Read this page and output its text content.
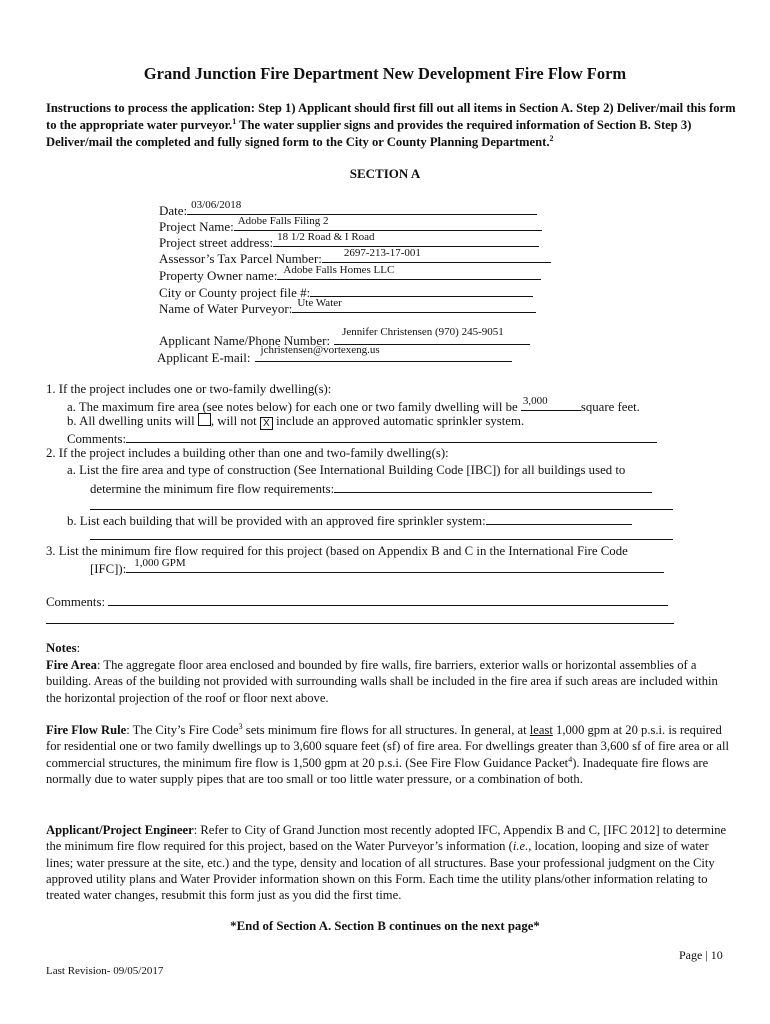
Grand Junction Fire Department New Development Fire Flow Form
Instructions to process the application: Step 1) Applicant should first fill out all items in Section A. Step 2) Deliver/mail this form to the appropriate water purveyor.$^1$ The water supplier signs and provides the required information of Section B. Step 3) Deliver/mail the completed and fully signed form to the City or County Planning Department.$^2$
SECTION A
Date: 03/06/2018
Project Name: Adobe Falls Filing 2
Project street address: 18 1/2 Road & I Road
Assessor’s Tax Parcel Number: 2697-213-17-001
Property Owner name: Adobe Falls Homes LLC
City or County project file #:
Name of Water Purveyor: Ute Water
Applicant Name/Phone Number:
Jennifer Christensen (970) 245-9051
Applicant E-mail: jchristensen@vortexeng.us
1. If the project includes one or two-family dwelling(s):
a. The maximum fire area (see notes below) for each one or two family dwelling will be 3,000	square feet.
b. All dwelling units will , will not X include an approved automatic sprinkler system.
Comments:
2. If the project includes a building other than one and two-family dwelling(s):
a. List the fire area and type of construction (See International Building Code [IBC]) for all buildings used to
determine the minimum fire flow requirements:
b. List each building that will be provided with an approved fire sprinkler system:
3. List the minimum fire flow required for this project (based on Appendix B and C in the International Fire Code
[IFC]): 1,000 GPM
Comments:
Notes:
Fire Area: The aggregate floor area enclosed and bounded by fire walls, fire barriers, exterior walls or horizontal assemblies of a building. Areas of the building not provided with surrounding walls shall be included in the fire area if such areas are included within the horizontal projection of the roof or floor next above.
Fire Flow Rule: The City’s Fire Code$^3$ sets minimum fire flows for all structures. In general, at least 1,000 gpm at 20 p.s.i. is required for residential one or two family dwellings up to 3,600 square feet (sf) of fire area. For dwellings greater than 3,600 sf of fire area or all commercial structures, the minimum fire flow is 1,500 gpm at 20 p.s.i. (See Fire Flow Guidance Packet$^4$). Inadequate fire flows are normally due to water supply pipes that are too small or too little water pressure, or a combination of both.
Applicant/Project Engineer: Refer to City of Grand Junction most recently adopted IFC, Appendix B and C, [IFC 2012] to determine the minimum fire flow required for this project, based on the Water Purveyor’s information (i.e., location, looping and size of water lines; water pressure at the site, etc.) and the type, density and location of all structures. Base your professional judgment on the City approved utility plans and Water Provider information shown on this Form. Each time the utility plans/other information relating to treated water changes, resubmit this form just as you did the first time.
*End of Section A. Section B continues on the next page*
Page | 10
Last Revision- 09/05/2017
